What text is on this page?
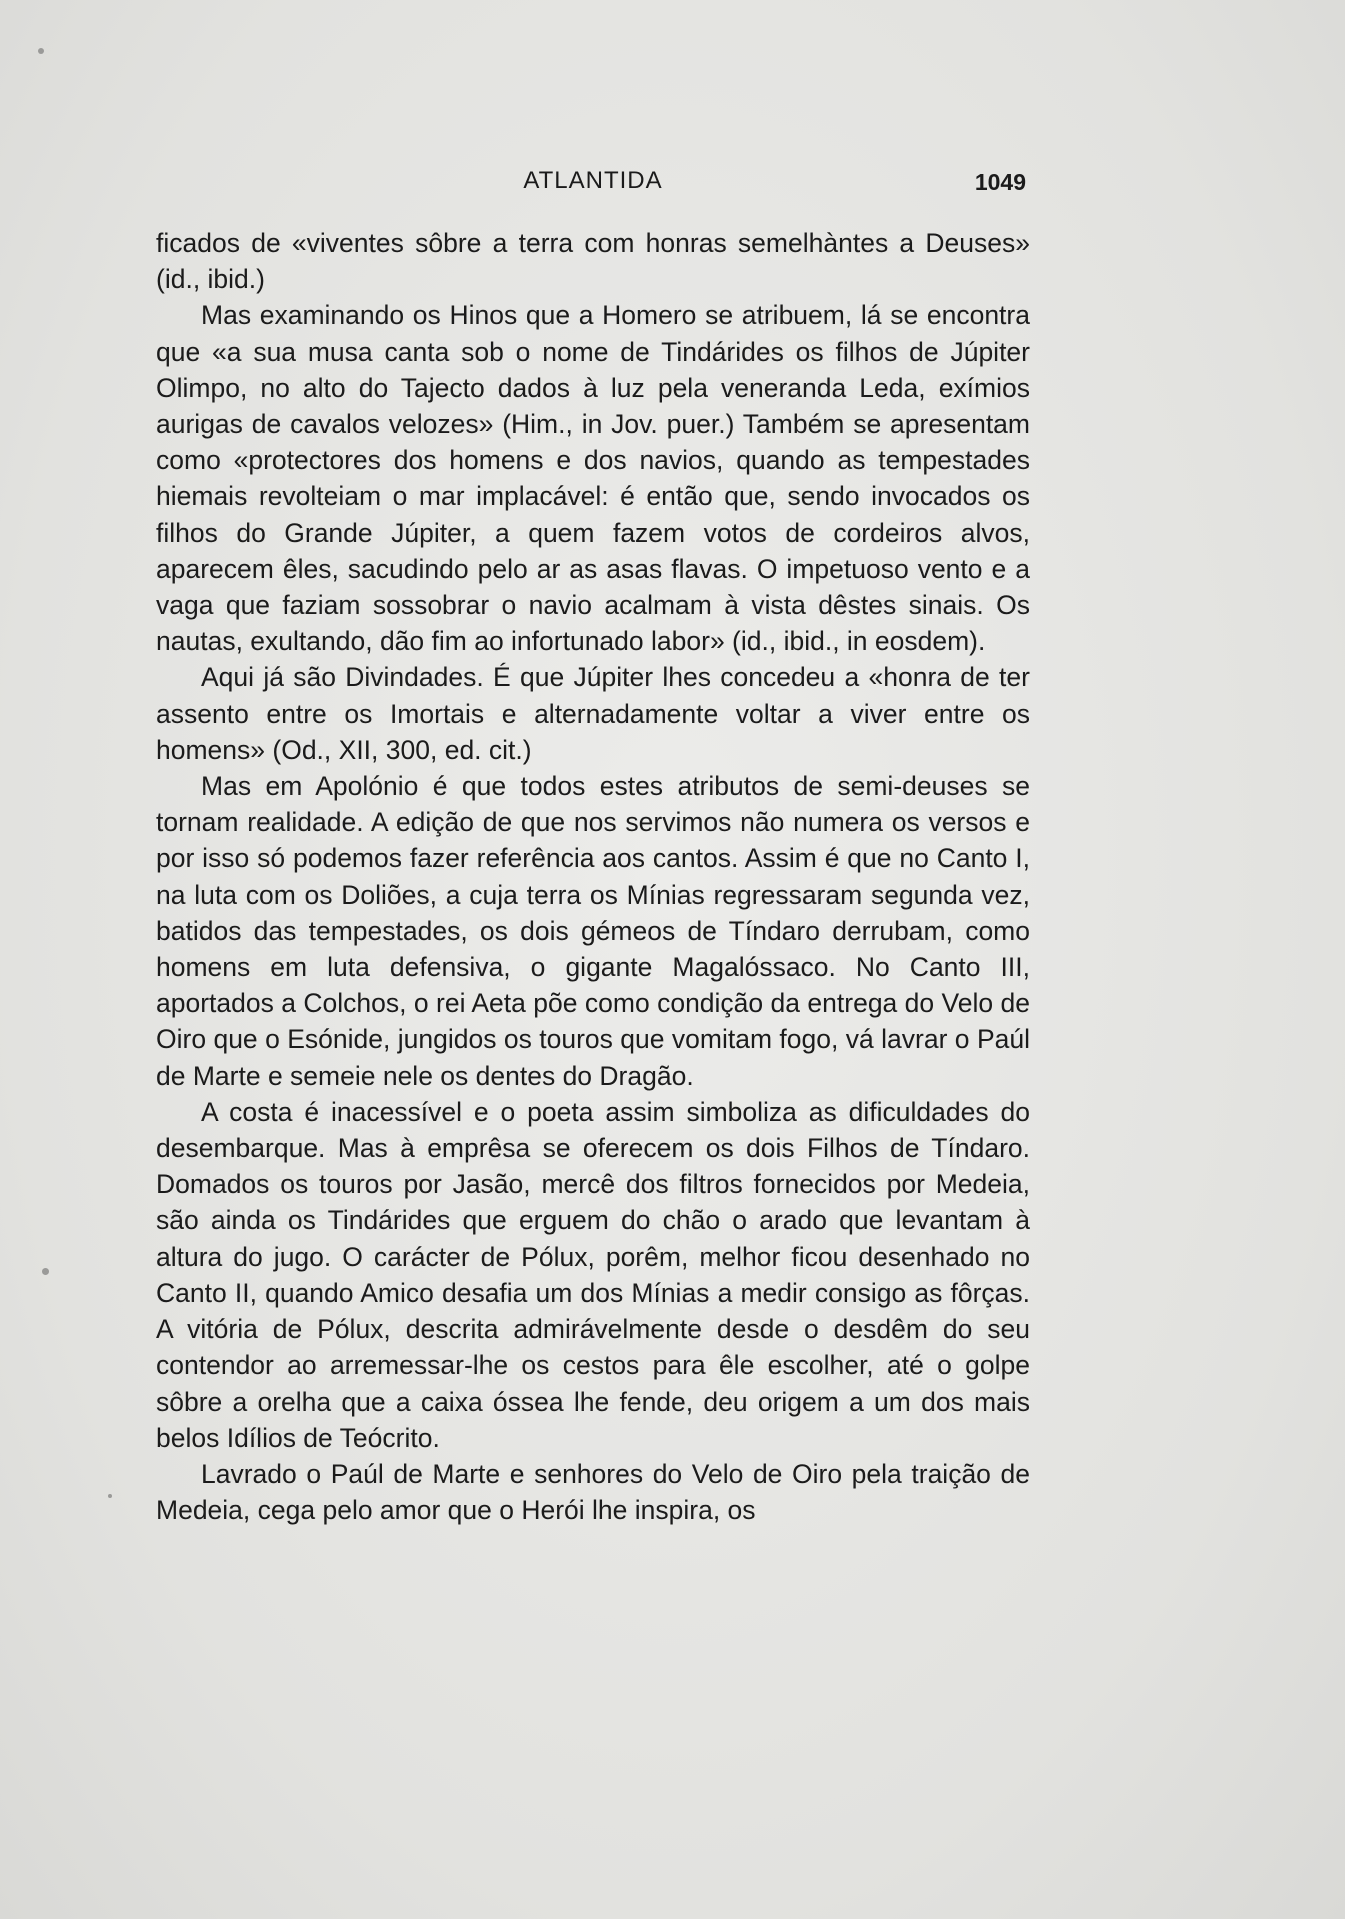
ATLANTIDA	1049

ficados de «viventes sôbre a terra com honras semelhàntes a Deuses» (id., ibid.)

Mas examinando os Hinos que a Homero se atribuem, lá se encontra que «a sua musa canta sob o nome de Tindárides os filhos de Júpiter Olimpo, no alto do Tajecto dados à luz pela veneranda Leda, exímios aurigas de cavalos velozes» (Him., in Jov. puer.) Também se apresentam como «protectores dos homens e dos navios, quando as tempestades hiemais revolteiam o mar implacável: é então que, sendo invocados os filhos do Grande Júpiter, a quem fazem votos de cordeiros alvos, aparecem êles, sacudindo pelo ar as asas flavas. O impetuoso vento e a vaga que faziam sossobrar o navio acalmam à vista dêstes sinais. Os nautas, exultando, dão fim ao infortunado labor» (id., ibid., in eosdem).

Aqui já são Divindades. É que Júpiter lhes concedeu a «honra de ter assento entre os Imortais e alternadamente voltar a viver entre os homens» (Od., XII, 300, ed. cit.)

Mas em Apolónio é que todos estes atributos de semi-deuses se tornam realidade. A edição de que nos servimos não numera os versos e por isso só podemos fazer referência aos cantos. Assim é que no Canto I, na luta com os Doliões, a cuja terra os Mínias regressaram segunda vez, batidos das tempestades, os dois gémeos de Tíndaro derrubam, como homens em luta defensiva, o gigante Magalóssaco. No Canto III, aportados a Colchos, o rei Aeta põe como condição da entrega do Velo de Oiro que o Esónide, jungidos os touros que vomitam fogo, vá lavrar o Paúl de Marte e semeie nele os dentes do Dragão.

A costa é inacessível e o poeta assim simboliza as dificuldades do desembarque. Mas à emprêsa se oferecem os dois Filhos de Tíndaro. Domados os touros por Jasão, mercê dos filtros fornecidos por Medeia, são ainda os Tindárides que erguem do chão o arado que levantam à altura do jugo. O carácter de Pólux, porêm, melhor ficou desenhado no Canto II, quando Amico desafia um dos Mínias a medir consigo as fôrças. A vitória de Pólux, descrita admirávelmente desde o desdêm do seu contendor ao arremessar-lhe os cestos para êle escolher, até o golpe sôbre a orelha que a caixa óssea lhe fende, deu origem a um dos mais belos Idílios de Teócrito.

Lavrado o Paúl de Marte e senhores do Velo de Oiro pela traição de Medeia, cega pelo amor que o Herói lhe inspira, os
